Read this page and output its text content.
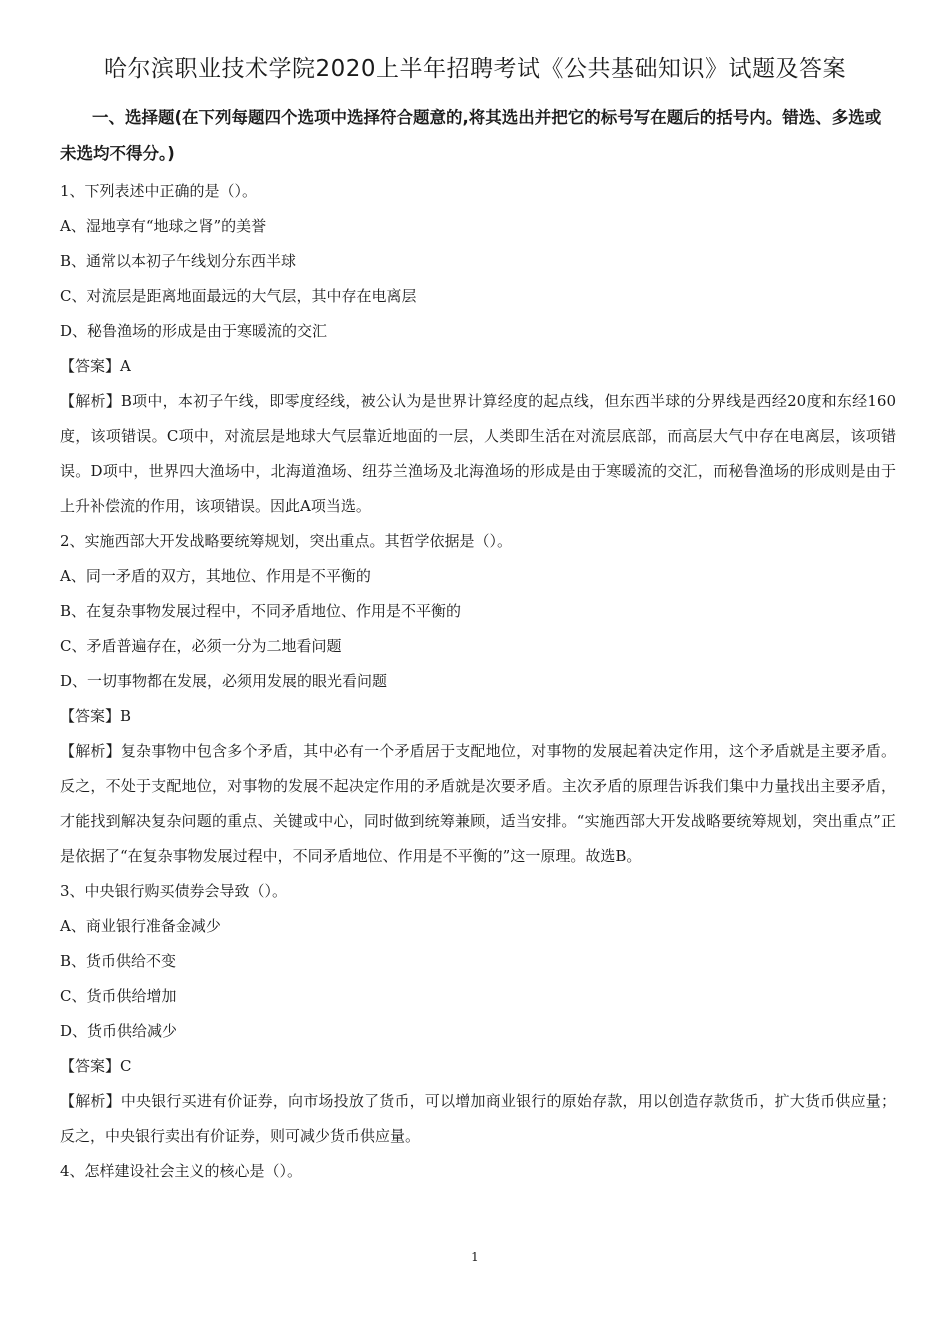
哈尔滨职业技术学院2020上半年招聘考试《公共基础知识》试题及答案
一、选择题(在下列每题四个选项中选择符合题意的,将其选出并把它的标号写在题后的括号内。错选、多选或未选均不得分。)
1、下列表述中正确的是（）。
A、湿地享有“地球之肾”的美誉
B、通常以本初子午线划分东西半球
C、对流层是距离地面最远的大气层，其中存在电离层
D、秘鲁渔场的形成是由于寒暖流的交汇
【答案】A
【解析】B项中，本初子午线，即零度经线，被公认为是世界计算经度的起点线，但东西半球的分界线是西经20度和东经160度，该项错误。C项中，对流层是地球大气层靠近地面的一层，人类即生活在对流层底部，而高层大气中存在电离层，该项错误。D项中，世界四大渔场中，北海道渔场、纽芬兰渔场及北海渔场的形成是由于寒暖流的交汇，而秘鲁渔场的形成则是由于上升补偿流的作用，该项错误。因此A项当选。
2、实施西部大开发战略要统筹规划，突出重点。其哲学依据是（）。
A、同一矛盾的双方，其地位、作用是不平衡的
B、在复杂事物发展过程中，不同矛盾地位、作用是不平衡的
C、矛盾普遍存在，必须一分为二地看问题
D、一切事物都在发展，必须用发展的眼光看问题
【答案】B
【解析】复杂事物中包含多个矛盾，其中必有一个矛盾居于支配地位，对事物的发展起着决定作用，这个矛盾就是主要矛盾。反之，不处于支配地位，对事物的发展不起决定作用的矛盾就是次要矛盾。主次矛盾的原理告诉我们集中力量找出主要矛盾，才能找到解决复杂问题的重点、关键或中心，同时做到统筹兼顾，适当安排。“实施西部大开发战略要统筹规划，突出重点”正是依据了“在复杂事物发展过程中，不同矛盾地位、作用是不平衡的”这一原理。故选B。
3、中央银行购买债券会导致（）。
A、商业银行准备金减少
B、货币供给不变
C、货币供给增加
D、货币供给减少
【答案】C
【解析】中央银行买进有价证券，向市场投放了货币，可以增加商业银行的原始存款，用以创造存款货币，扩大货币供应量；反之，中央银行卖出有价证券，则可减少货币供应量。
4、怎样建设社会主义的核心是（）。
1
